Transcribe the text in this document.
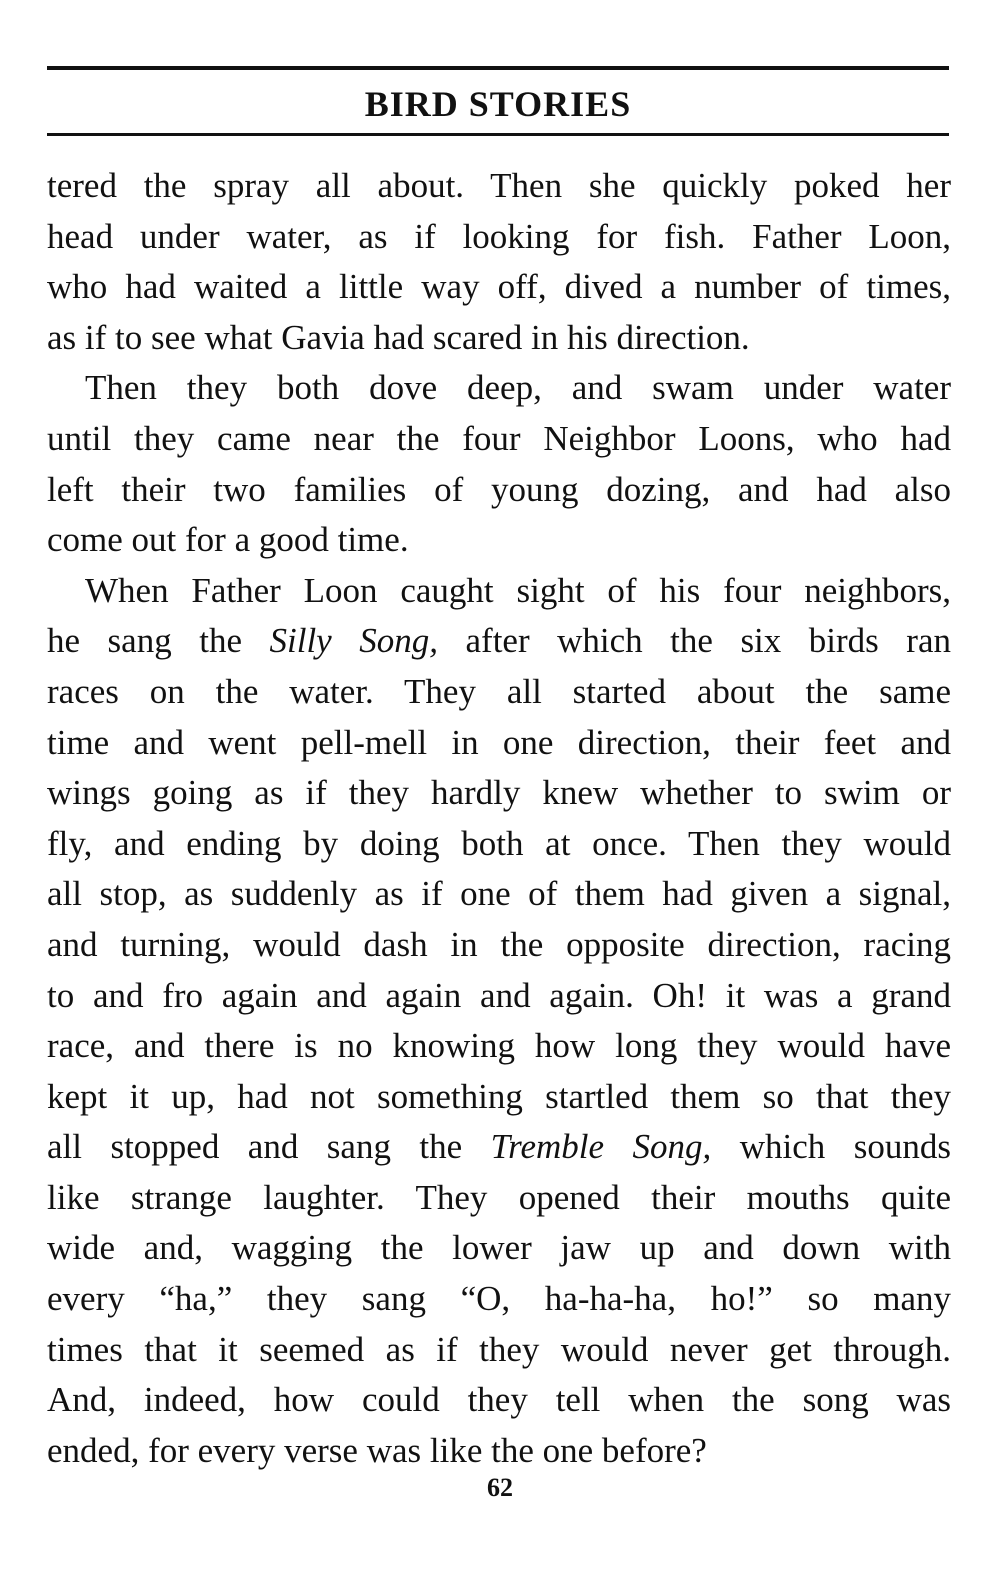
BIRD STORIES
tered the spray all about. Then she quickly poked her
head under water, as if looking for fish. Father Loon,
who had waited a little way off, dived a number of times,
as if to see what Gavia had scared in his direction.
Then they both dove deep, and swam under water
until they came near the four Neighbor Loons, who had
left their two families of young dozing, and had also
come out for a good time.
When Father Loon caught sight of his four neighbors,
he sang the Silly Song, after which the six birds ran
races on the water. They all started about the same
time and went pell-mell in one direction, their feet and
wings going as if they hardly knew whether to swim or
fly, and ending by doing both at once. Then they would
all stop, as suddenly as if one of them had given a signal,
and turning, would dash in the opposite direction, racing
to and fro again and again and again. Oh! it was a grand
race, and there is no knowing how long they would have
kept it up, had not something startled them so that they
all stopped and sang the Tremble Song, which sounds
like strange laughter. They opened their mouths quite
wide and, wagging the lower jaw up and down with
every “ha,” they sang “O, ha-ha-ha, ho!” so many
times that it seemed as if they would never get through.
And, indeed, how could they tell when the song was
ended, for every verse was like the one before?
62
